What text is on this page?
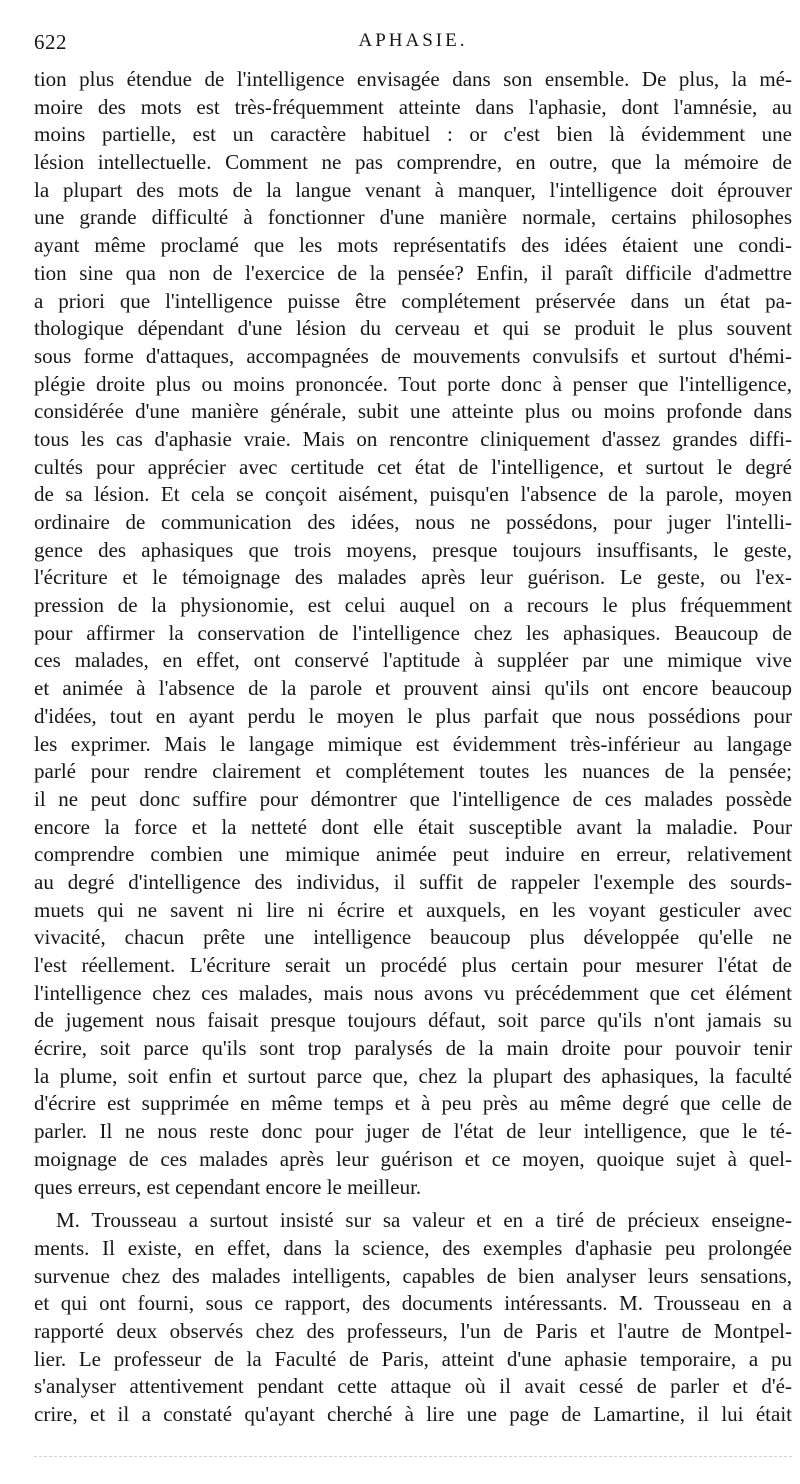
622	APHASIE.
tion plus étendue de l'intelligence envisagée dans son ensemble. De plus, la mé-
moire des mots est très-fréquemment atteinte dans l'aphasie, dont l'amnésie, au
moins partielle, est un caractère habituel : or c'est bien là évidemment une
lésion intellectuelle. Comment ne pas comprendre, en outre, que la mémoire de
la plupart des mots de la langue venant à manquer, l'intelligence doit éprouver
une grande difficulté à fonctionner d'une manière normale, certains philosophes
ayant même proclamé que les mots représentatifs des idées étaient une condi-
tion sine qua non de l'exercice de la pensée? Enfin, il paraît difficile d'admettre
a priori que l'intelligence puisse être complétement préservée dans un état pa-
thologique dépendant d'une lésion du cerveau et qui se produit le plus souvent
sous forme d'attaques, accompagnées de mouvements convulsifs et surtout d'hémi-
plégie droite plus ou moins prononcée. Tout porte donc à penser que l'intelligence,
considérée d'une manière générale, subit une atteinte plus ou moins profonde dans
tous les cas d'aphasie vraie. Mais on rencontre cliniquement d'assez grandes diffi-
cultés pour apprécier avec certitude cet état de l'intelligence, et surtout le degré
de sa lésion. Et cela se conçoit aisément, puisqu'en l'absence de la parole, moyen
ordinaire de communication des idées, nous ne possédons, pour juger l'intelli-
gence des aphasiques que trois moyens, presque toujours insuffisants, le geste,
l'écriture et le témoignage des malades après leur guérison. Le geste, ou l'ex-
pression de la physionomie, est celui auquel on a recours le plus fréquemment
pour affirmer la conservation de l'intelligence chez les aphasiques. Beaucoup de
ces malades, en effet, ont conservé l'aptitude à suppléer par une mimique vive
et animée à l'absence de la parole et prouvent ainsi qu'ils ont encore beaucoup
d'idées, tout en ayant perdu le moyen le plus parfait que nous possédions pour
les exprimer. Mais le langage mimique est évidemment très-inférieur au langage
parlé pour rendre clairement et complétement toutes les nuances de la pensée;
il ne peut donc suffire pour démontrer que l'intelligence de ces malades possède
encore la force et la netteté dont elle était susceptible avant la maladie. Pour
comprendre combien une mimique animée peut induire en erreur, relativement
au degré d'intelligence des individus, il suffit de rappeler l'exemple des sourds-
muets qui ne savent ni lire ni écrire et auxquels, en les voyant gesticuler avec
vivacité, chacun prête une intelligence beaucoup plus développée qu'elle ne
l'est réellement. L'écriture serait un procédé plus certain pour mesurer l'état de
l'intelligence chez ces malades, mais nous avons vu précédemment que cet élément
de jugement nous faisait presque toujours défaut, soit parce qu'ils n'ont jamais su
écrire, soit parce qu'ils sont trop paralysés de la main droite pour pouvoir tenir
la plume, soit enfin et surtout parce que, chez la plupart des aphasiques, la faculté
d'écrire est supprimée en même temps et à peu près au même degré que celle de
parler. Il ne nous reste donc pour juger de l'état de leur intelligence, que le té-
moignage de ces malades après leur guérison et ce moyen, quoique sujet à quel-
ques erreurs, est cependant encore le meilleur.
M. Trousseau a surtout insisté sur sa valeur et en a tiré de précieux enseigne-
ments. Il existe, en effet, dans la science, des exemples d'aphasie peu prolongée
survenue chez des malades intelligents, capables de bien analyser leurs sensations,
et qui ont fourni, sous ce rapport, des documents intéressants. M. Trousseau en a
rapporté deux observés chez des professeurs, l'un de Paris et l'autre de Montpel-
lier. Le professeur de la Faculté de Paris, atteint d'une aphasie temporaire, a pu
s'analyser attentivement pendant cette attaque où il avait cessé de parler et d'é-
crire, et il a constaté qu'ayant cherché à lire une page de Lamartine, il lui était
